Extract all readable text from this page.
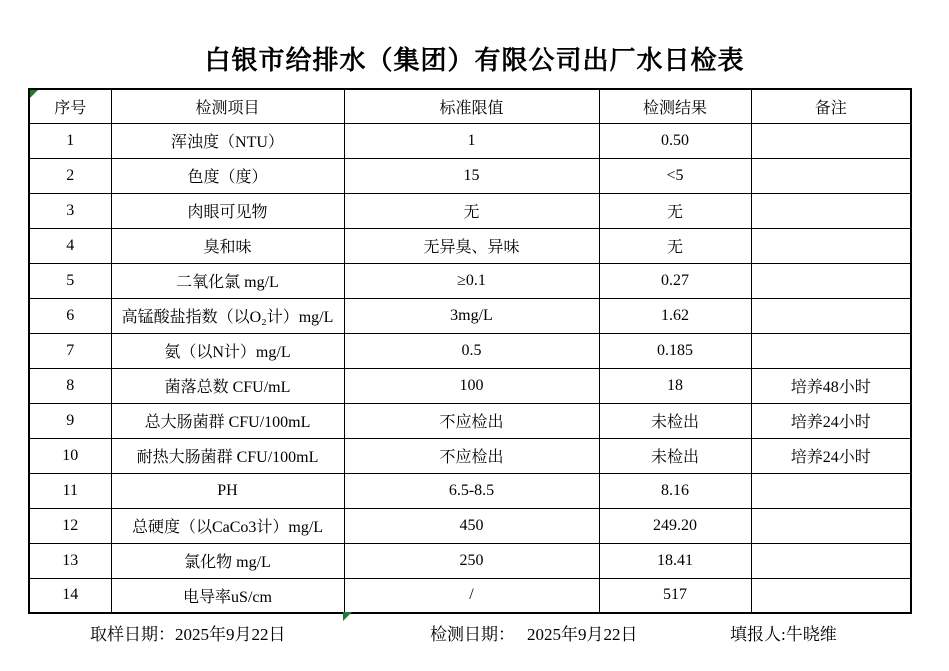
白银市给排水（集团）有限公司出厂水日检表
序号	检测项目	标准限值	检测结果	备注
1	浑浊度（NTU）	1	0.50	
2	色度（度）	15	<5	
3	肉眼可见物	无	无	
4	臭和味	无异臭、异味	无	
5	二氧化氯 mg/L	≥0.1	0.27	
6	高锰酸盐指数（以O₂计）mg/L	3mg/L	1.62	
7	氨（以N计）mg/L	0.5	0.185	
8	菌落总数 CFU/mL	100	18	培养48小时
9	总大肠菌群 CFU/100mL	不应检出	未检出	培养24小时
10	耐热大肠菌群 CFU/100mL	不应检出	未检出	培养24小时
11	PH	6.5-8.5	8.16	
12	总硬度（以CaCo3计）mg/L	450	249.20	
13	氯化物 mg/L	250	18.41	
14	电导率uS/cm	/	517	
取样日期：2025年9月22日	检测日期： 2025年9月22日	填报人:牛晓维
